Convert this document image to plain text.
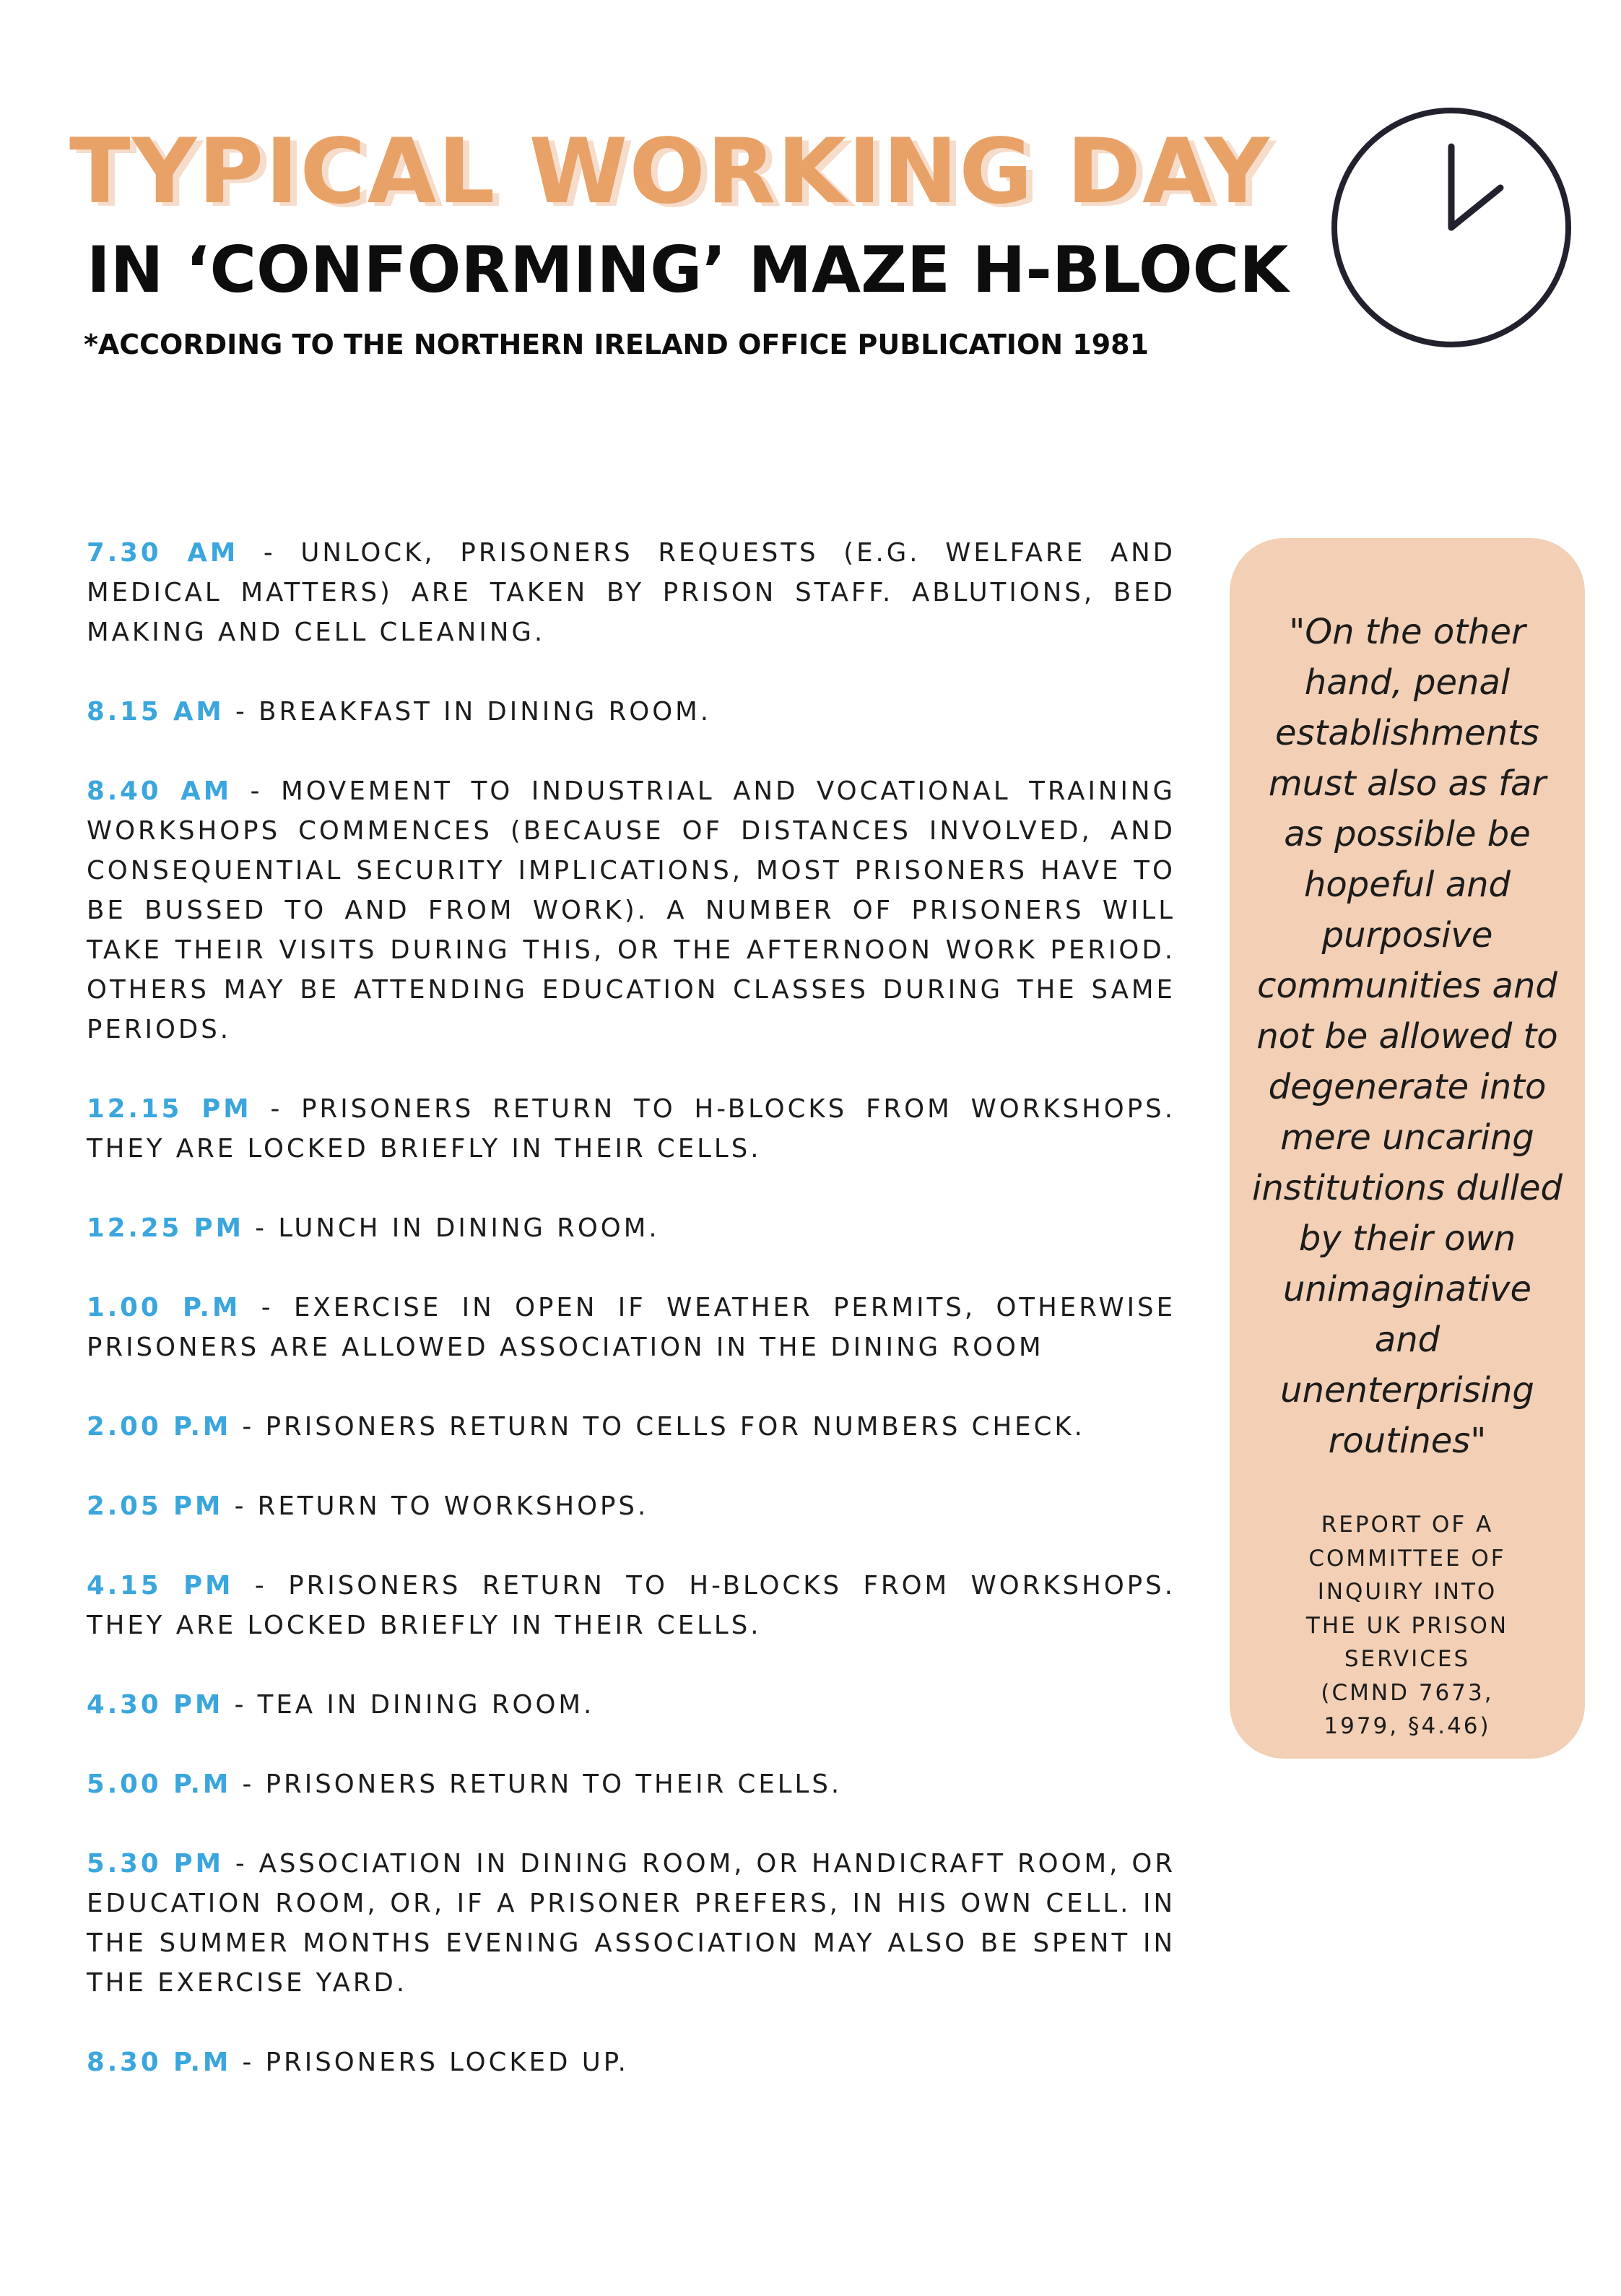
TYPICAL WORKING DAY
IN ‘CONFORMING’ MAZE H-BLOCK

*ACCORDING TO THE NORTHERN IRELAND OFFICE PUBLICATION 1981

7.30 AM - UNLOCK, PRISONERS REQUESTS (E.G. WELFARE AND MEDICAL MATTERS) ARE TAKEN BY PRISON STAFF. ABLUTIONS, BED MAKING AND CELL CLEANING.

8.15 AM - BREAKFAST IN DINING ROOM.

8.40 AM - MOVEMENT TO INDUSTRIAL AND VOCATIONAL TRAINING WORKSHOPS COMMENCES (BECAUSE OF DISTANCES INVOLVED, AND CONSEQUENTIAL SECURITY IMPLICATIONS, MOST PRISONERS HAVE TO BE BUSSED TO AND FROM WORK). A NUMBER OF PRISONERS WILL TAKE THEIR VISITS DURING THIS, OR THE AFTERNOON WORK PERIOD. OTHERS MAY BE ATTENDING EDUCATION CLASSES DURING THE SAME PERIODS.

12.15 PM - PRISONERS RETURN TO H-BLOCKS FROM WORKSHOPS. THEY ARE LOCKED BRIEFLY IN THEIR CELLS.

12.25 PM - LUNCH IN DINING ROOM.

1.00 P.M - EXERCISE IN OPEN IF WEATHER PERMITS, OTHERWISE PRISONERS ARE ALLOWED ASSOCIATION IN THE DINING ROOM

2.00 P.M - PRISONERS RETURN TO CELLS FOR NUMBERS CHECK.

2.05 PM - RETURN TO WORKSHOPS.

4.15 PM - PRISONERS RETURN TO H-BLOCKS FROM WORKSHOPS. THEY ARE LOCKED BRIEFLY IN THEIR CELLS.

4.30 PM - TEA IN DINING ROOM.

5.00 P.M - PRISONERS RETURN TO THEIR CELLS.

5.30 PM - ASSOCIATION IN DINING ROOM, OR HANDICRAFT ROOM, OR EDUCATION ROOM, OR, IF A PRISONER PREFERS, IN HIS OWN CELL. IN THE SUMMER MONTHS EVENING ASSOCIATION MAY ALSO BE SPENT IN THE EXERCISE YARD.

8.30 P.M - PRISONERS LOCKED UP.

"On the other hand, penal establishments must also as far as possible be hopeful and purposive communities and not be allowed to degenerate into mere uncaring institutions dulled by their own unimaginative and unenterprising routines"

REPORT OF A COMMITTEE OF INQUIRY INTO THE UK PRISON SERVICES (CMND 7673, 1979, §4.46)
